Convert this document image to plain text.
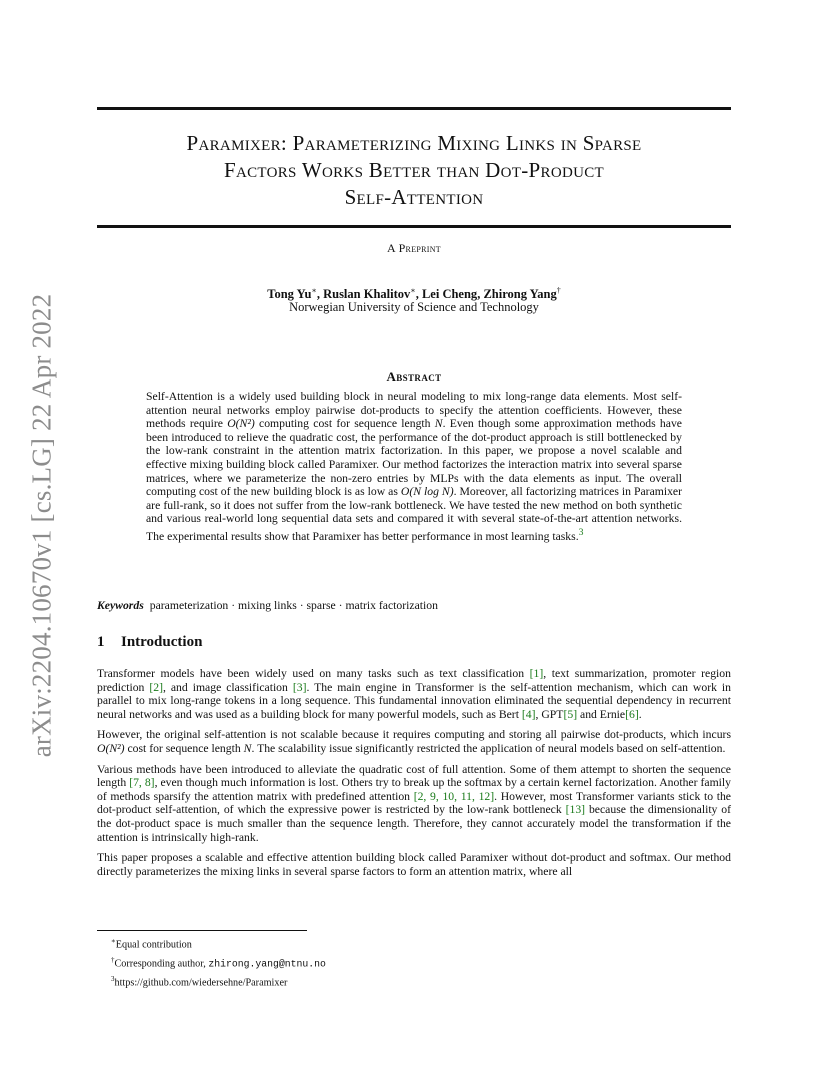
arXiv:2204.10670v1 [cs.LG] 22 Apr 2022
Paramixer: Parameterizing Mixing Links in Sparse
Factors Works Better than Dot-Product
Self-Attention
A Preprint
Tong Yu∗, Ruslan Khalitov∗, Lei Cheng, Zhirong Yang†
Norwegian University of Science and Technology
Abstract

Self-Attention is a widely used building block in neural modeling to mix long-range data elements. Most self-attention neural networks employ pairwise dot-products to specify the attention coefficients. However, these methods require O(N²) computing cost for sequence length N. Even though some approximation methods have been introduced to relieve the quadratic cost, the performance of the dot-product approach is still bottlenecked by the low-rank constraint in the attention matrix factorization. In this paper, we propose a novel scalable and effective mixing building block called Paramixer. Our method factorizes the interaction matrix into several sparse matrices, where we parameterize the non-zero entries by MLPs with the data elements as input. The overall computing cost of the new building block is as low as O(N log N). Moreover, all factorizing matrices in Paramixer are full-rank, so it does not suffer from the low-rank bottleneck. We have tested the new method on both synthetic and various real-world long sequential data sets and compared it with several state-of-the-art attention networks. The experimental results show that Paramixer has better performance in most learning tasks.$^3$

Keywords parameterization · mixing links · sparse · matrix factorization
1 Introduction

Transformer models have been widely used on many tasks such as text classification [1], text summarization, promoter region prediction [2], and image classification [3]. The main engine in Transformer is the self-attention mechanism, which can work in parallel to mix long-range tokens in a long sequence. This fundamental innovation eliminated the sequential dependency in recurrent neural networks and was used as a building block for many powerful models, such as Bert [4], GPT[5] and Ernie[6].

However, the original self-attention is not scalable because it requires computing and storing all pairwise dot-products, which incurs O(N²) cost for sequence length N. The scalability issue significantly restricted the application of neural models based on self-attention.

Various methods have been introduced to alleviate the quadratic cost of full attention. Some of them attempt to shorten the sequence length [7, 8], even though much information is lost. Others try to break up the softmax by a certain kernel factorization. Another family of methods sparsify the attention matrix with predefined attention [2, 9, 10, 11, 12]. However, most Transformer variants stick to the dot-product self-attention, of which the expressive power is restricted by the low-rank bottleneck [13] because the dimensionality of the dot-product space is much smaller than the sequence length. Therefore, they cannot accurately model the transformation if the attention is intrinsically high-rank.

This paper proposes a scalable and effective attention building block called Paramixer without dot-product and softmax. Our method directly parameterizes the mixing links in several sparse factors to form an attention matrix, where all

∗Equal contribution
†Corresponding author, zhirong.yang@ntnu.no
$^3$https://github.com/wiedersehne/Paramixer
